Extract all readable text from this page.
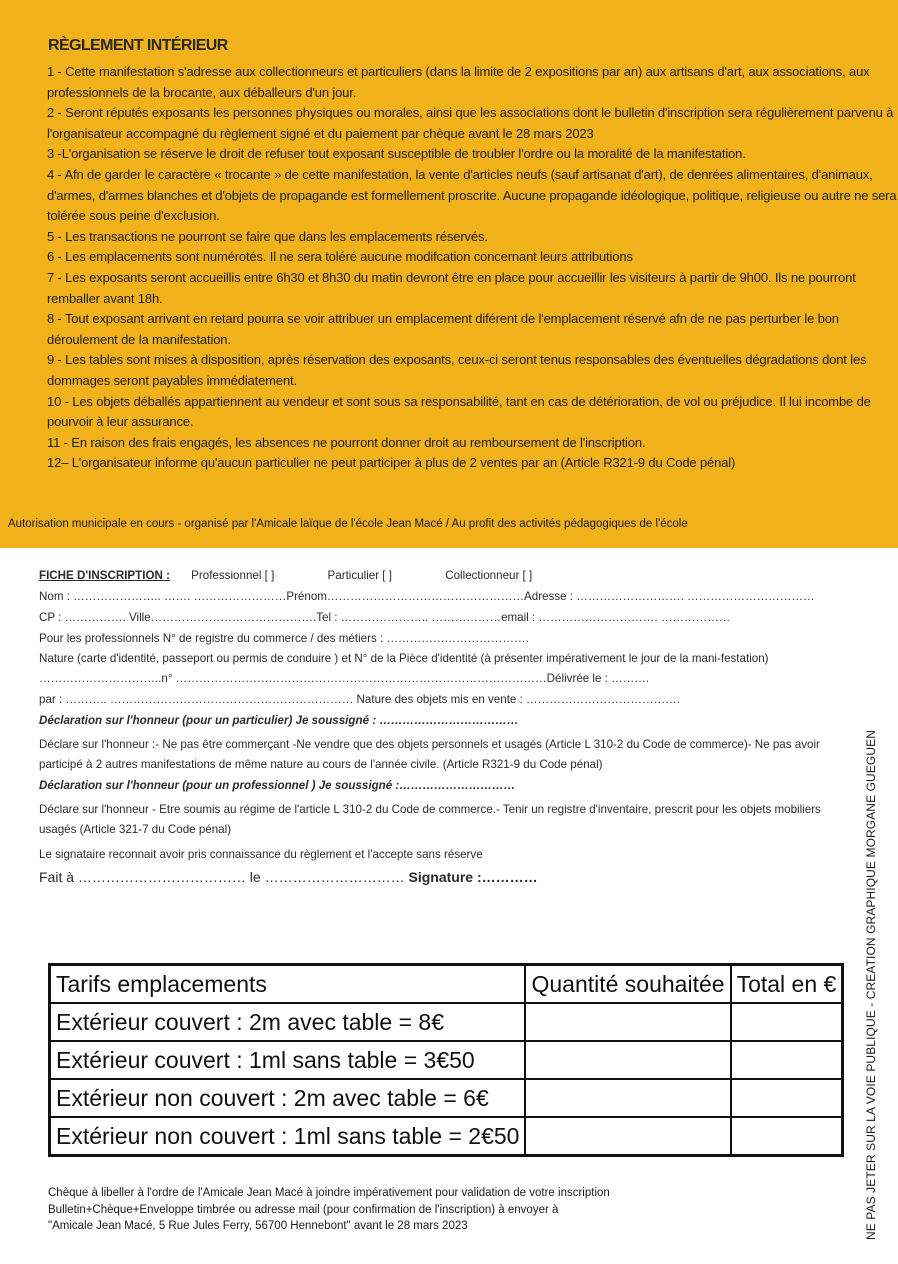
RÈGLEMENT INTÉRIEUR

1 - Cette manifestation s'adresse aux collectionneurs et particuliers (dans la limite de 2 expositions par an) aux artisans d'art, aux associations, aux professionnels de la brocante, aux déballeurs d'un jour.

2 - Seront réputés exposants les personnes physiques ou morales, ainsi que les associations dont le bulletin d'inscription sera régulièrement parvenu à l'organisateur accompagné du règlement signé et du paiement par chèque avant le 28 mars 2023

3 -L'organisation se réserve le droit de refuser tout exposant susceptible de troubler l'ordre ou la moralité de la manifestation.

4 - Afn de garder le caractère « trocante » de cette manifestation, la vente d'articles neufs (sauf artisanat d'art), de denrées alimentaires, d'animaux, d'armes, d'armes blanches et d'objets de propagande est formellement proscrite. Aucune propagande idéologique, politique, religieuse ou autre ne sera tolérée sous peine d'exclusion.

5 - Les transactions ne pourront se faire que dans les emplacements réservés.

6 - Les emplacements sont numérotés. Il ne sera toléré aucune modifcation concernant leurs attributions

7 - Les exposants seront accueillis entre 6h30 et 8h30 du matin devront être en place pour accueillir les visiteurs à partir de 9h00. Ils ne pourront remballer avant 18h.

8 - Tout exposant arrivant en retard pourra se voir attribuer un emplacement diférent de l'emplacement réservé afn de ne pas perturber le bon déroulement de la manifestation.

9 - Les tables sont mises à disposition, après réservation des exposants, ceux-ci seront tenus responsables des éventuelles dégradations dont les dommages seront payables immédiatement.

10 - Les objets déballés appartiennent au vendeur et sont sous sa responsabilité, tant en cas de détérioration, de vol ou préjudice. Il lui incombe de pourvoir à leur assurance.

11 - En raison des frais engagés, les absences ne pourront donner droit au remboursement de l'inscription.

12– L'organisateur informe qu'aucun particulier ne peut participer à plus de 2 ventes par an (Article R321-9 du Code pénal)

Autorisation municipale en cours - organisé par l'Amicale laïque de l'école Jean Macé / Au profit des activités pédagogiques de l'école
FICHE D'INSCRIPTION : Professionnel [ ]	Particulier [ ]	Collectionneur [ ]
Nom : ………………….. ……. ……………………Prénom……………………………………………Adresse : ………………………. ……………………………
CP : ……………. Ville…………………………………….Tel : ………………….. ………………email : …………………………. ………………
Pour les professionnels N° de registre du commerce / des métiers : ……………………………….
Nature (carte d'identité, passeport ou permis de conduire ) et N° de la Pièce d'identité (à présenter impérativement le jour de la mani-festation) …………………………..n° ……………………………………………………………………………………Délivrée le : ……….
par : ……….. ……………………………………………………… Nature des objets mis en vente : ………………………………….
Déclaration sur l'honneur (pour un particulier) Je soussigné : ………………………………
Déclare sur l'honneur :- Ne pas être commerçant -Ne vendre que des objets personnels et usagés (Article L 310-2 du Code de commerce)- Ne pas avoir participé à 2 autres manifestations de même nature au cours de l'année civile. (Article R321-9 du Code pénal)
Déclaration sur l'honneur (pour un professionnel ) Je soussigné :…………………………
Déclare sur l'honneur - Etre soumis au régime de l'article L 310-2 du Code de commerce.- Tenir un registre d'inventaire, prescrit pour les objets mobiliers usagés (Article 321-7 du Code pénal)
Le signataire reconnait avoir pris connaissance du règlement et l'accepte sans réserve
Fait à ……………………………… le ………………………… Signature :…………
Tarifs emplacements	Quantité souhaitée	Total en €
Extérieur couvert : 2m avec table = 8€		
Extérieur couvert : 1ml sans table = 3€50		
Extérieur non couvert : 2m avec table = 6€		
Extérieur non couvert : 1ml sans table = 2€50		

Chèque à libeller à l'ordre de l'Amicale Jean Macé à joindre impérativement pour validation de votre inscription

Bulletin+Chèque+Enveloppe timbrée ou adresse mail (pour confirmation de l'inscription) à envoyer à

"Amicale Jean Macé, 5 Rue Jules Ferry, 56700 Hennebont" avant le 28 mars 2023	NE PAS JETER SUR LA VOIE PUBLIQUE - CREATION GRAPHIQUE MORGANE GUEGUEN
